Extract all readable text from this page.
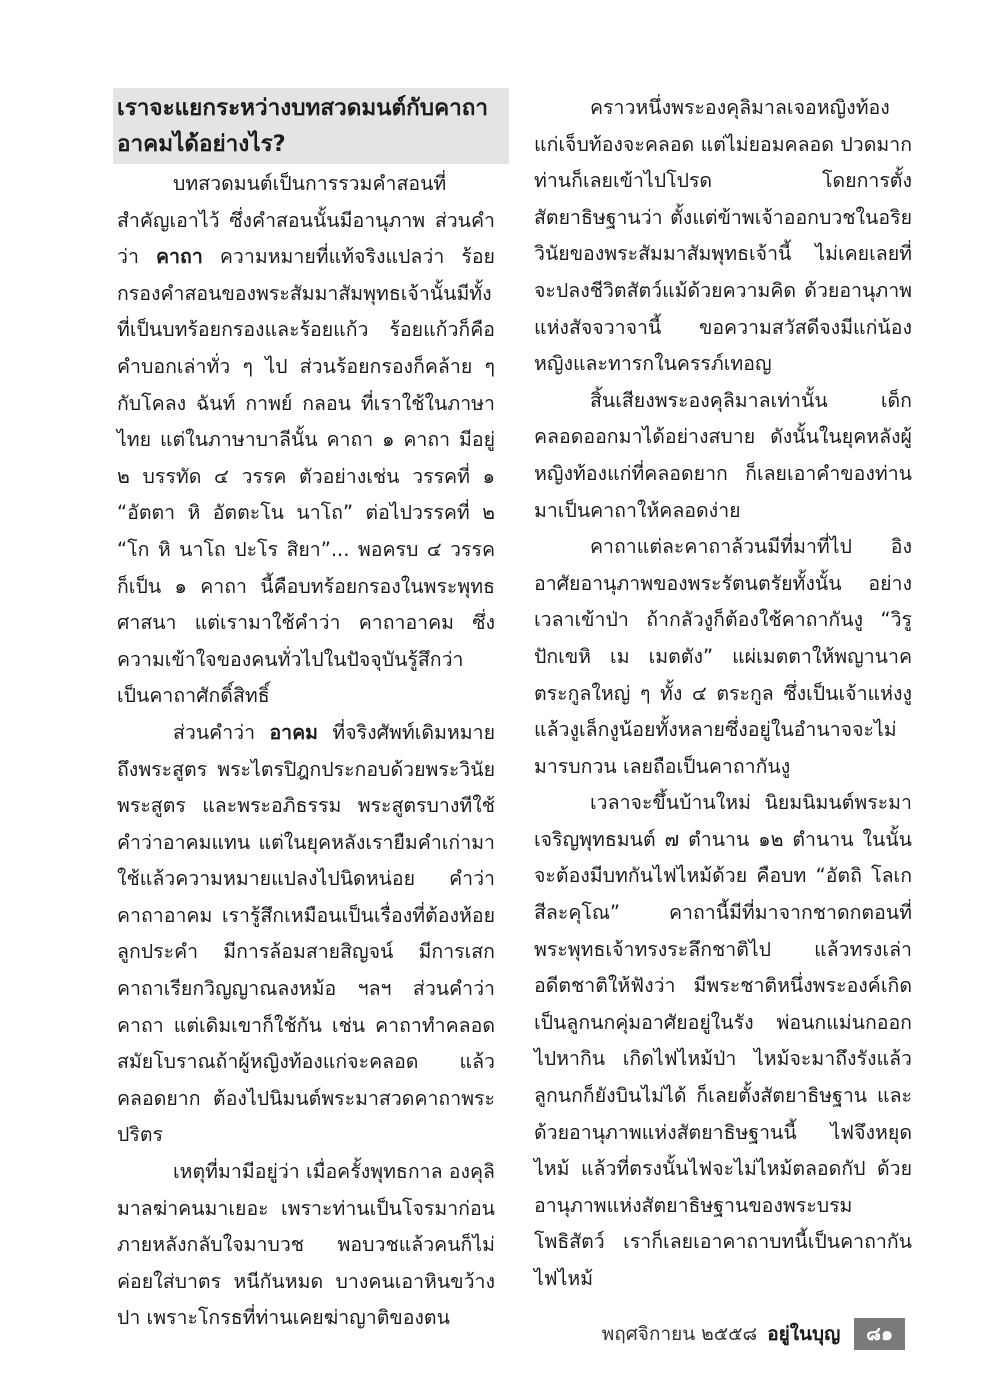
เราจะแยกระหว่างบทสวดมนต์กับคาถาอาคมได้อย่างไร?

บทสวดมนต์เป็นการรวมคำสอนที่สำคัญเอาไว้ ซึ่งคำสอนนั้นมีอานุภาพ ส่วนคำว่า คาถา ความหมายที่แท้จริงแปลว่า ร้อยกรองคำสอนของพระสัมมาสัมพุทธเจ้านั้นมีทั้งที่เป็นบทร้อยกรองและร้อยแก้ว ร้อยแก้วก็คือคำบอกเล่าทั่ว ๆ ไป ส่วนร้อยกรองก็คล้าย ๆ กับโคลง ฉันท์ กาพย์ กลอน ที่เราใช้ในภาษาไทย แต่ในภาษาบาลีนั้น คาถา ๑ คาถา มีอยู่ ๒ บรรทัด ๔ วรรค ตัวอย่างเช่น วรรคที่ ๑ “อัตตา หิ อัตตะโน นาโถ” ต่อไปวรรคที่ ๒ “โก หิ นาโถ ปะโร สิยา”... พอครบ ๔ วรรค ก็เป็น ๑ คาถา นี้คือบทร้อยกรองในพระพุทธศาสนา แต่เรามาใช้คำว่า คาถาอาคม ซึ่งความเข้าใจของคนทั่วไปในปัจจุบันรู้สึกว่าเป็นคาถาศักดิ์สิทธิ์

ส่วนคำว่า อาคม ที่จริงศัพท์เดิมหมายถึงพระสูตร พระไตรปิฎกประกอบด้วยพระวินัย พระสูตร และพระอภิธรรม พระสูตรบางทีใช้คำว่าอาคมแทน แต่ในยุคหลังเรายืมคำเก่ามาใช้แล้วความหมายแปลงไปนิดหน่อย คำว่า คาถาอาคม เรารู้สึกเหมือนเป็นเรื่องที่ต้องห้อยลูกประคำ มีการล้อมสายสิญจน์ มีการเสกคาถาเรียกวิญญาณลงหม้อ ฯลฯ ส่วนคำว่า คาถา แต่เดิมเขาก็ใช้กัน เช่น คาถาทำคลอด สมัยโบราณถ้าผู้หญิงท้องแก่จะคลอด แล้วคลอดยาก ต้องไปนิมนต์พระมาสวดคาถาพระปริตร

เหตุที่มามีอยู่ว่า เมื่อครั้งพุทธกาล องคุลิมาลฆ่าคนมาเยอะ เพราะท่านเป็นโจรมาก่อน ภายหลังกลับใจมาบวช พอบวชแล้วคนก็ไม่ค่อยใส่บาตร หนีกันหมด บางคนเอาหินขว้างปา เพราะโกรธที่ท่านเคยฆ่าญาติของตน

คราวหนึ่งพระองคุลิมาลเจอหญิงท้องแก่เจ็บท้องจะคลอด แต่ไม่ยอมคลอด ปวดมาก ท่านก็เลยเข้าไปโปรด โดยการตั้งสัตยาธิษฐานว่า ตั้งแต่ข้าพเจ้าออกบวชในอริยวินัยของพระสัมมาสัมพุทธเจ้านี้ ไม่เคยเลยที่จะปลงชีวิตสัตว์แม้ด้วยความคิด ด้วยอานุภาพแห่งสัจจวาจานี้ ขอความสวัสดีจงมีแก่น้องหญิงและทารกในครรภ์เทอญ

สิ้นเสียงพระองคุลิมาลเท่านั้น เด็กคลอดออกมาได้อย่างสบาย ดังนั้นในยุคหลังผู้หญิงท้องแก่ที่คลอดยาก ก็เลยเอาคำของท่านมาเป็นคาถาให้คลอดง่าย

คาถาแต่ละคาถาล้วนมีที่มาที่ไป อิงอาศัยอานุภาพของพระรัตนตรัยทั้งนั้น อย่างเวลาเข้าป่า ถ้ากลัวงูก็ต้องใช้คาถากันงู “วิรูปักเขหิ เม เมตตัง” แผ่เมตตาให้พญานาคตระกูลใหญ่ ๆ ทั้ง ๔ ตระกูล ซึ่งเป็นเจ้าแห่งงูแล้วงูเล็กงูน้อยทั้งหลายซึ่งอยู่ในอำนาจจะไม่มารบกวน เลยถือเป็นคาถากันงู

เวลาจะขึ้นบ้านใหม่ นิยมนิมนต์พระมาเจริญพุทธมนต์ ๗ ตำนาน ๑๒ ตำนาน ในนั้นจะต้องมีบทกันไฟไหม้ด้วย คือบท “อัตถิ โลเก สีละคุโณ” คาถานี้มีที่มาจากชาดกตอนที่พระพุทธเจ้าทรงระลึกชาติไป แล้วทรงเล่าอดีตชาติให้ฟังว่า มีพระชาติหนึ่งพระองค์เกิดเป็นลูกนกคุ่มอาศัยอยู่ในรัง พ่อนกแม่นกออกไปหากิน เกิดไฟไหม้ป่า ไหม้จะมาถึงรังแล้วลูกนกก็ยังบินไม่ได้ ก็เลยตั้งสัตยาธิษฐาน และด้วยอานุภาพแห่งสัตยาธิษฐานนี้ ไฟจึงหยุดไหม้ แล้วที่ตรงนั้นไฟจะไม่ไหม้ตลอดกัป ด้วยอานุภาพแห่งสัตยาธิษฐานของพระบรมโพธิสัตว์ เราก็เลยเอาคาถาบทนี้เป็นคาถากันไฟไหม้

พฤศจิกายน ๒๕๕๘ อยู่ในบุญ	๘๑
